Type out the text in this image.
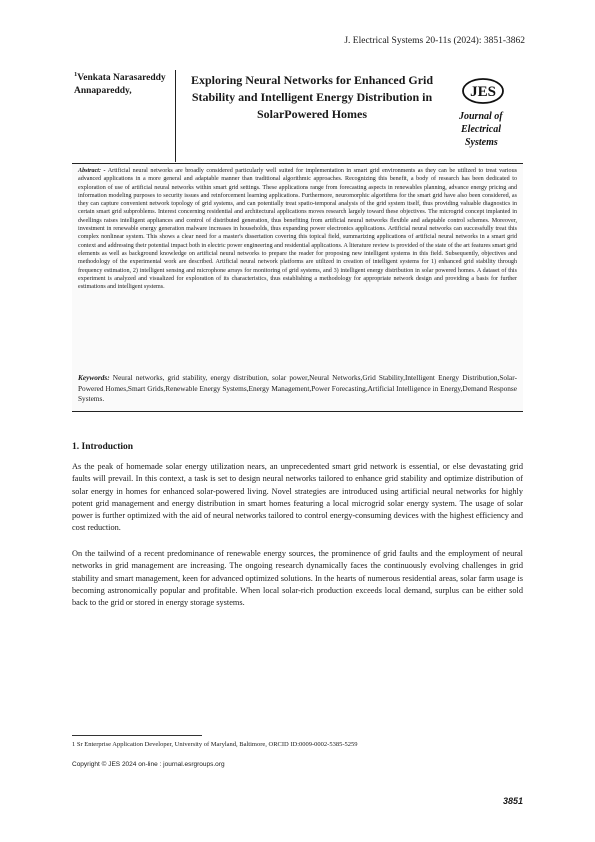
J. Electrical Systems 20-11s (2024): 3851-3862
$^1$Venkata Narasareddy Annapareddy,
Exploring Neural Networks for Enhanced Grid Stability and Intelligent Energy Distribution in SolarPowered Homes
JES
Journal of
Electrical
Systems

Abstract: - Artificial neural networks are broadly considered particularly well suited for implementation in smart grid environments as they can be utilized to treat various advanced applications in a more general and adaptable manner than traditional algorithmic approaches. Recognizing this benefit, a body of research has been dedicated to exploration of use of artificial neural networks within smart grid settings. These applications range from forecasting aspects in renewables planning, advance energy pricing and information modeling purposes to security issues and reinforcement learning applications. Furthermore, neuromorphic algorithms for the smart grid have also been considered, as they can capture convenient network topology of grid systems, and can potentially treat spatio-temporal analysis of the grid system itself, thus providing valuable diagnostics in certain smart grid subproblems. Interest concerning residential and architectural applications moves research largely toward these objectives. The microgrid concept implanted in dwellings raises intelligent appliances and control of distributed generation, thus benefiting from artificial neural networks flexible and adaptable control schemes. Moreover, investment in renewable energy generation malware increases in households, thus expanding power electronics applications. Artificial neural networks can successfully treat this complex nonlinear system. This shows a clear need for a master's dissertation covering this topical field, summarizing applications of artificial neural networks in a smart grid context and addressing their potential impact both in electric power engineering and residential applications. A literature review is provided of the state of the art features smart grid elements as well as background knowledge on artificial neural networks to prepare the reader for proposing new intelligent systems in this field. Subsequently, objectives and methodology of the experimental work are described. Artificial neural network platforms are utilized in creation of intelligent systems for 1) enhanced grid stability through frequency estimation, 2) intelligent sensing and microphone arrays for monitoring of grid systems, and 3) intelligent energy distribution in solar powered homes. A dataset of this experiment is analyzed and visualized for exploration of its characteristics, thus establishing a methodology for appropriate network design and providing a basis for further estimations and intelligent systems.

Keywords: Neural networks, grid stability, energy distribution, solar power,Neural Networks,Grid Stability,Intelligent Energy Distribution,Solar-Powered Homes,Smart Grids,Renewable Energy Systems,Energy Management,Power Forecasting,Artificial Intelligence in Energy,Demand Response Systems.

1. Introduction

As the peak of homemade solar energy utilization nears, an unprecedented smart grid network is essential, or else devastating grid faults will prevail. In this context, a task is set to design neural networks tailored to enhance grid stability and optimize distribution of solar energy in homes for enhanced solar-powered living. Novel strategies are introduced using artificial neural networks for highly potent grid management and energy distribution in smart homes featuring a local microgrid solar energy system. The usage of solar power is further optimized with the aid of neural networks tailored to control energy-consuming devices with the highest efficiency and cost reduction.

On the tailwind of a recent predominance of renewable energy sources, the prominence of grid faults and the employment of neural networks in grid management are increasing. The ongoing research dynamically faces the continuously evolving challenges in grid stability and smart management, keen for advanced optimized solutions. In the hearts of numerous residential areas, solar farm usage is becoming astronomically popular and profitable. When local solar-rich production exceeds local demand, surplus can be either sold back to the grid or stored in energy storage systems.

1 Sr Enterprise Application Developer, University of Maryland, Baltimore, ORCID ID:0009-0002-5385-5259
Copyright © JES 2024 on-line : journal.esrgroups.org
3851
